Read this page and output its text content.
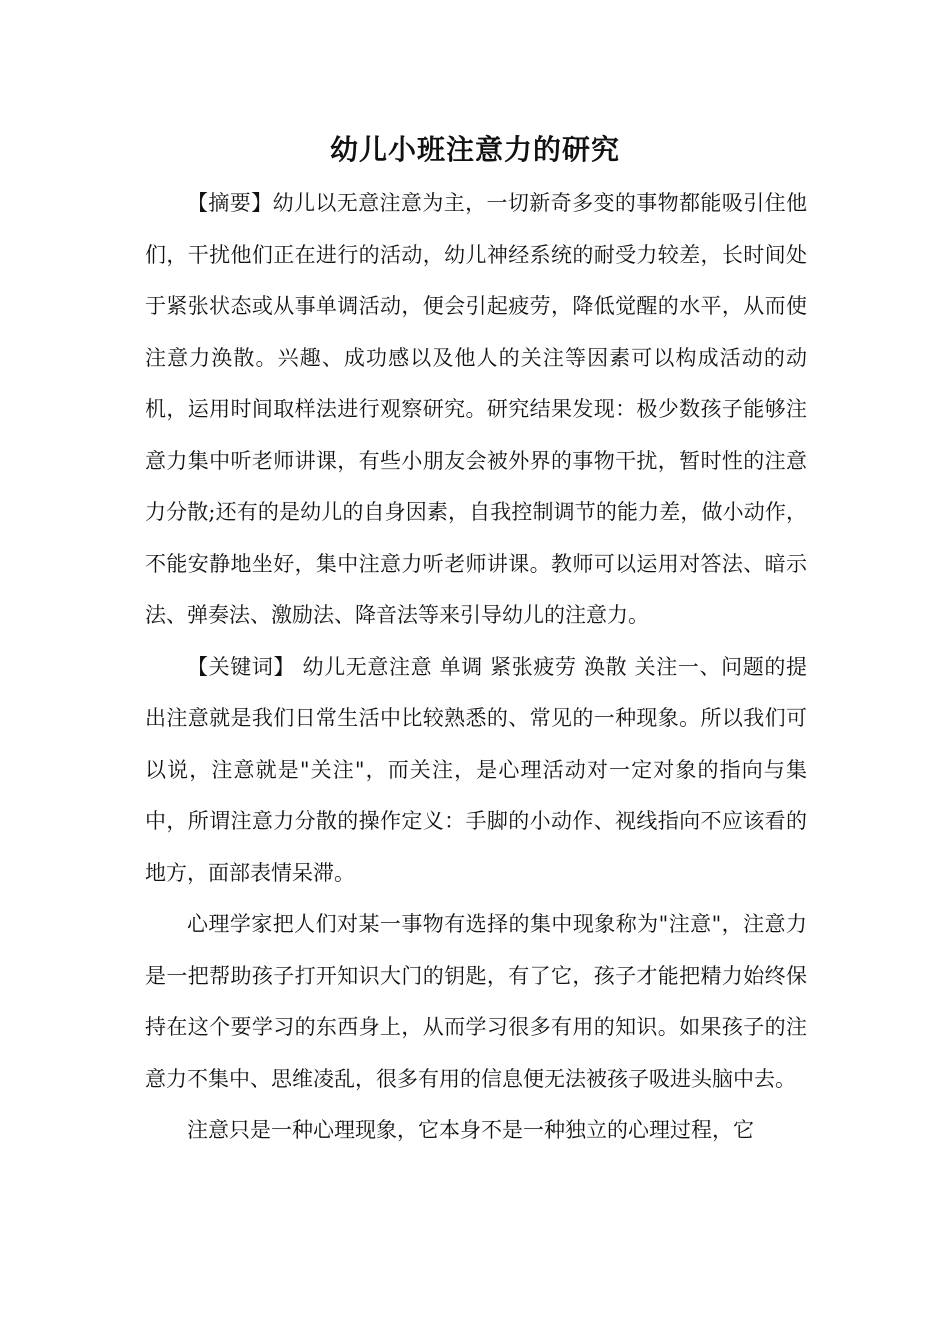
幼儿小班注意力的研究

【摘要】幼儿以无意注意为主，一切新奇多变的事物都能吸引住他们，干扰他们正在进行的活动，幼儿神经系统的耐受力较差，长时间处于紧张状态或从事单调活动，便会引起疲劳，降低觉醒的水平，从而使注意力涣散。兴趣、成功感以及他人的关注等因素可以构成活动的动机，运用时间取样法进行观察研究。研究结果发现：极少数孩子能够注意力集中听老师讲课，有些小朋友会被外界的事物干扰，暂时性的注意力分散;还有的是幼儿的自身因素，自我控制调节的能力差，做小动作，不能安静地坐好，集中注意力听老师讲课。教师可以运用对答法、暗示法、弹奏法、激励法、降音法等来引导幼儿的注意力。

【关键词】 幼儿无意注意 单调 紧张疲劳 涣散 关注一、问题的提出注意就是我们日常生活中比较熟悉的、常见的一种现象。所以我们可以说，注意就是"关注"，而关注，是心理活动对一定对象的指向与集中，所谓注意力分散的操作定义：手脚的小动作、视线指向不应该看的地方，面部表情呆滞。

心理学家把人们对某一事物有选择的集中现象称为"注意"，注意力是一把帮助孩子打开知识大门的钥匙，有了它，孩子才能把精力始终保持在这个要学习的东西身上，从而学习很多有用的知识。如果孩子的注意力不集中、思维凌乱，很多有用的信息便无法被孩子吸进头脑中去。

注意只是一种心理现象，它本身不是一种独立的心理过程，它
